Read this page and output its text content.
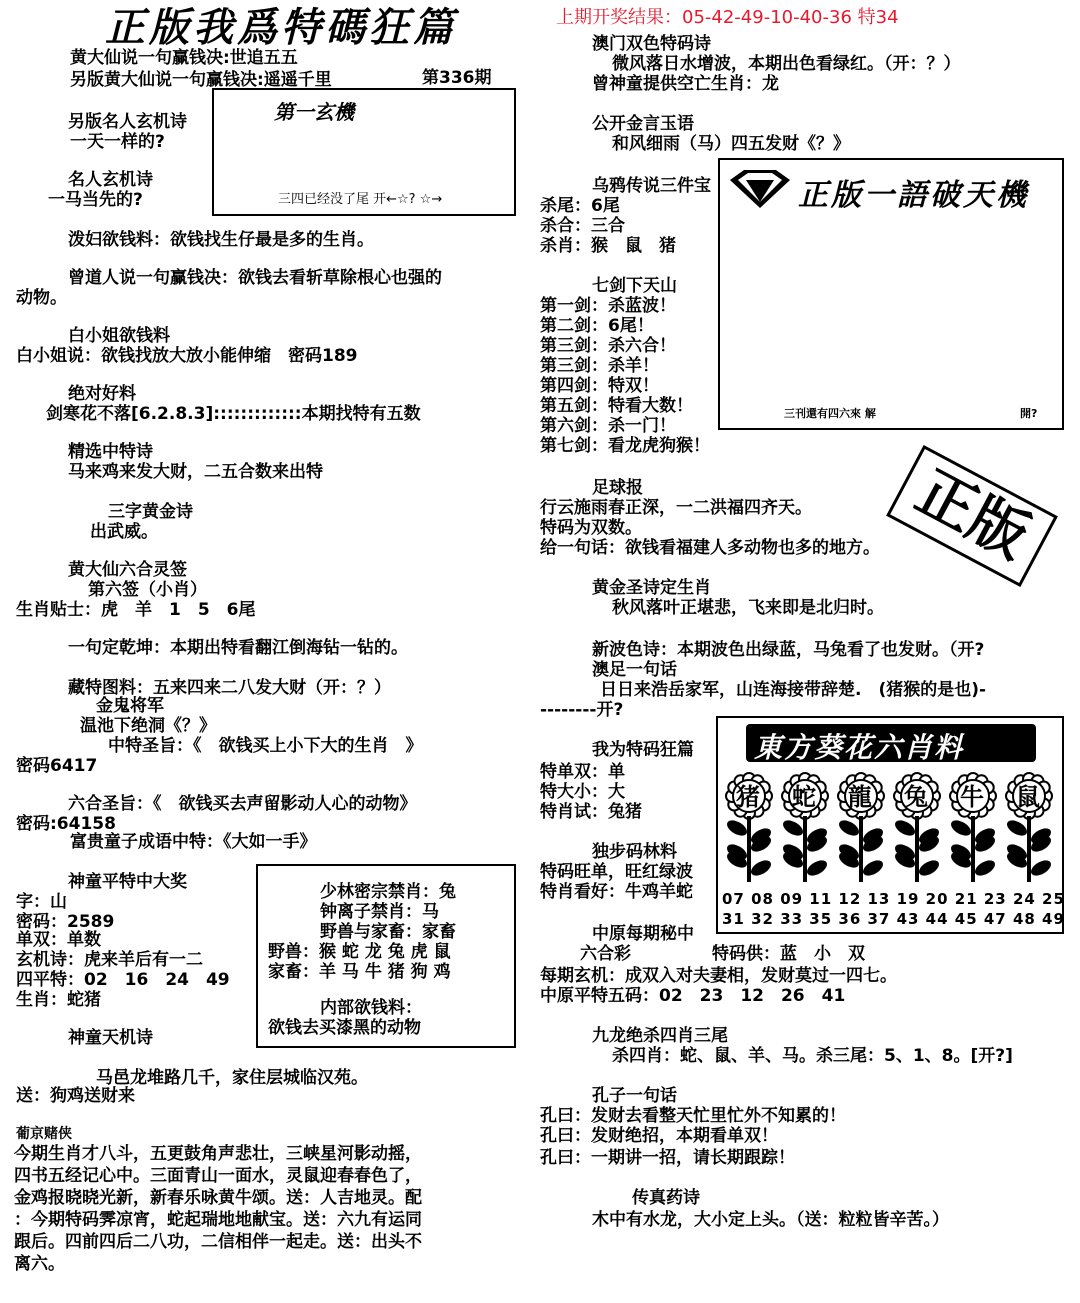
正版我爲特碼狂篇	上期开奖结果：05-42-49-10-40-36 特34
第336期
黄大仙说一句赢钱决:世追五五
另版黄大仙说一句赢钱决:遥遥千里
另版名人玄机诗
一天一样的?
名人玄机诗
一马当先的?
泼妇欲钱料：欲钱找生仔最是多的生肖。
曾道人说一句赢钱决：欲钱去看斩草除根心也强的
动物。
白小姐欲钱料
白小姐说：欲钱找放大放小能伸缩　密码189
绝对好料
剑寒花不落[6.2.8.3]:::::::::::::本期找特有五数
精选中特诗
马来鸡来发大财，二五合数来出特
三字黄金诗
出武威。
黄大仙六合灵签
第六签（小肖）
生肖贴士：虎　羊　1　5　6尾
一句定乾坤：本期出特看翻江倒海钻一钻的。
藏特图料：五来四来二八发大财（开：？）
金鬼将军
温池下绝洞《？》
中特圣旨：《　欲钱买上小下大的生肖　》
密码6417
六合圣旨：《　欲钱买去声留影动人心的动物》
密码:64158
富贵童子成语中特：《大如一手》
神童平特中大奖
字：山
密码：2589
单双：单数
玄机诗：虎来羊后有一二
四平特：02　16　24　49
生肖：蛇猪
神童天机诗
马邑龙堆路几千，家住层城临汉苑。
送：狗鸡送财来
葡京赌侠
今期生肖才八斗，五更鼓角声悲壮，三峡星河影动摇，
四书五经记心中。三面青山一面水，灵鼠迎春春色了，
金鸡报晓晓光新，新春乐咏黄牛颂。送：人吉地灵。配
：今期特码霁凉宵，蛇起瑞地地献宝。送：六九有运同
跟后。四前四后二八功，二信相伴一起走。送：出头不
离六。
第一玄機
三四已经没了尾 开←☆? ☆→
少林密宗禁肖：兔
钟离子禁肖：马
野兽与家畜：家畜
野兽：猴 蛇 龙 兔 虎 鼠
家畜：羊 马 牛 猪 狗 鸡
内部欲钱料：
欲钱去买漆黑的动物
澳门双色特码诗
微风落日水增波，本期出色看绿红。（开：？）
曾神童提供空亡生肖：龙
公开金言玉语
和风细雨（马）四五发财《？》
乌鸦传说三件宝
杀尾：6尾
杀合：三合
杀肖：猴　鼠　猪
七剑下天山
第一剑：杀蓝波！
第二剑：6尾！
第三剑：杀六合！
第三剑：杀羊！
第四剑：特双！
第五剑：特看大数！
第六剑：杀一门！
第七剑：看龙虎狗猴！
足球报
行云施雨春正深，一二洪福四齐天。
特码为双数。
给一句话：欲钱看福建人多动物也多的地方。
黄金圣诗定生肖
秋风落叶正堪悲，飞来即是北归时。
新波色诗：本期波色出绿蓝，马兔看了也发财。（开?
澳足一句话
日日来浩岳家军，山连海接带辞楚.　(猪猴的是也)-
--------开?
我为特码狂篇
特单双：单
特大小：大
特肖试：兔猪
独步码林料
特码旺单，旺红绿波
特肖看好：牛鸡羊蛇
中原每期秘中
六合彩	特码供：蓝　小　双
每期玄机：成双入对夫妻相，发财莫过一四七。
中原平特五码：02　23　12　26　41
九龙绝杀四肖三尾
杀四肖：蛇、鼠、羊、马。杀三尾：5、1、8。[开?]
孔子一句话
孔曰：发财去看整天忙里忙外不知累的！
孔曰：发财绝招，本期看单双！
孔曰：一期讲一招，请长期跟踪！
传真药诗
木中有水龙，大小定上头。（送：粒粒皆辛苦。）
正版一語破天機
三刊還有四六來 解	開?
正版
東方葵花六肖料
07 08 09 11 12 13 19 20 21 23 24 25
31 32 33 35 36 37 43 44 45 47 48 49
猪 蛇 龍 兔 牛 鼠
